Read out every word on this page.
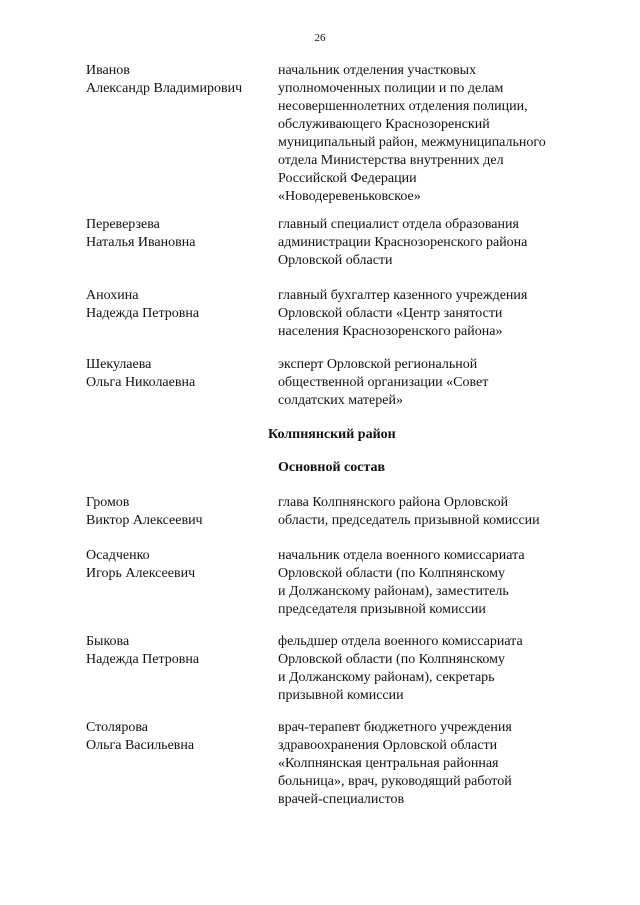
26
Иванов
Александр Владимирович
начальник отделения участковых
уполномоченных полиции и по делам
несовершеннолетних отделения полиции,
обслуживающего Краснозоренский
муниципальный район, межмуниципального
отдела Министерства внутренних дел
Российской Федерации
«Новодеревеньковское»
Переверзева
Наталья Ивановна
главный специалист отдела образования
администрации Краснозоренского района
Орловской области
Анохина
Надежда Петровна
главный бухгалтер казенного учреждения
Орловской области «Центр занятости
населения Краснозоренского района»
Шекулаева
Ольга Николаевна
эксперт Орловской региональной
общественной организации «Совет
солдатских матерей»
Колпнянский район
Основной состав
Громов
Виктор Алексеевич
глава Колпнянского района Орловской
области, председатель призывной комиссии
Осадченко
Игорь Алексеевич
начальник отдела военного комиссариата
Орловской области (по Колпнянскому
и Должанскому районам), заместитель
председателя призывной комиссии
Быкова
Надежда Петровна
фельдшер отдела военного комиссариата
Орловской области (по Колпнянскому
и Должанскому районам), секретарь
призывной комиссии
Столярова
Ольга Васильевна
врач-терапевт бюджетного учреждения
здравоохранения Орловской области
«Колпнянская центральная районная
больница», врач, руководящий работой
врачей-специалистов
